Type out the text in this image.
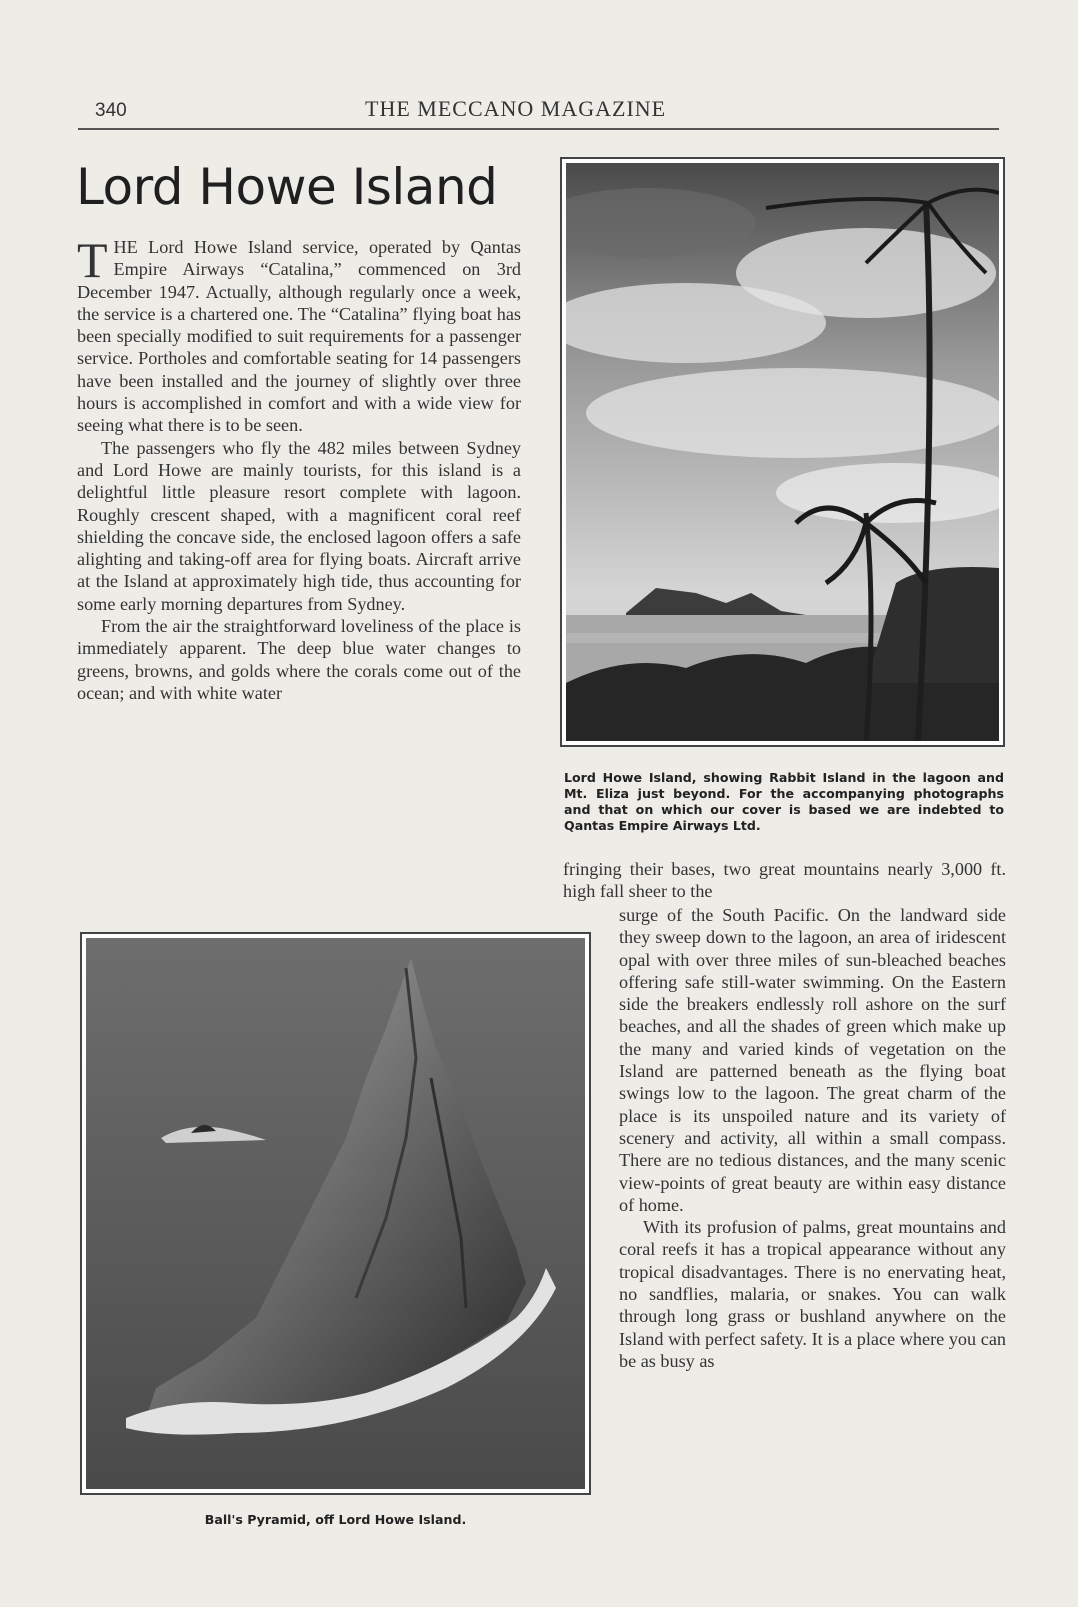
340	THE MECCANO MAGAZINE
Lord Howe Island

THE Lord Howe Island service, operated by Qantas Empire Airways “Catalina,” commenced on 3rd December 1947. Actually, although regularly once a week, the service is a chartered one. The “Catalina” flying boat has been specially modified to suit requirements for a passenger service. Portholes and comfortable seating for 14 passengers have been installed and the journey of slightly over three hours is accomplished in comfort and with a wide view for seeing what there is to be seen.

The passengers who fly the 482 miles between Sydney and Lord Howe are mainly tourists, for this island is a delightful little pleasure resort complete with lagoon. Roughly crescent shaped, with a magnificent coral reef shielding the concave side, the enclosed lagoon offers a safe alighting and taking-off area for flying boats. Aircraft arrive at the Island at approximately high tide, thus accounting for some early morning departures from Sydney.

From the air the straightforward loveliness of the place is immediately apparent. The deep blue water changes to greens, browns, and golds where the corals come out of the ocean; and with white water

Lord Howe Island, showing Rabbit Island in the lagoon and Mt. Eliza just beyond. For the accompanying photographs and that on which our cover is based we are indebted to Qantas Empire Airways Ltd.

fringing their bases, two great mountains nearly 3,000 ft. high fall sheer to the

surge of the South Pacific. On the landward side they sweep down to the lagoon, an area of iridescent opal with over three miles of sun-bleached beaches offering safe still-water swimming. On the Eastern side the breakers endlessly roll ashore on the surf beaches, and all the shades of green which make up the many and varied kinds of vegetation on the Island are patterned beneath as the flying boat swings low to the lagoon. The great charm of the place is its unspoiled nature and its variety of scenery and activity, all within a small compass. There are no tedious distances, and the many scenic view-points of great beauty are within easy distance of home.

With its profusion of palms, great mountains and coral reefs it has a tropical appearance without any tropical disadvantages. There is no enervating heat, no sandflies, malaria, or snakes. You can walk through long grass or bushland anywhere on the Island with perfect safety. It is a place where you can be as busy as

Ball's Pyramid, off Lord Howe Island.
